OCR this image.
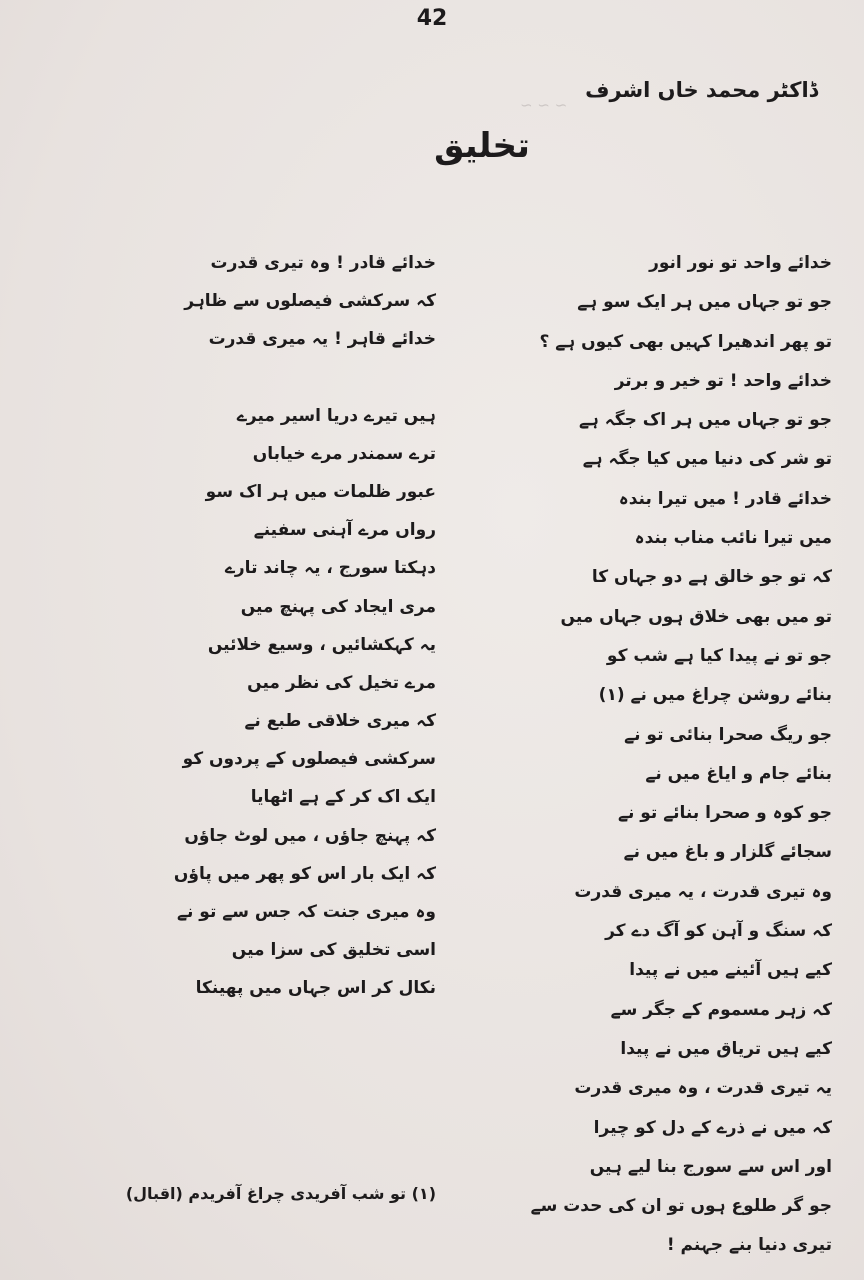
~ ~ ~
42
ڈاکٹر محمد خاں اشرف
تخلیق
خدائے واحد تو نور انور
جو تو جہاں میں ہر ایک سو ہے
تو پھر اندھیرا کہیں بھی کیوں ہے ؟
خدائے واحد ! تو خیر و برتر
جو تو جہاں میں ہر اک جگہ ہے
تو شر کی دنیا میں کیا جگہ ہے
خدائے قادر ! میں تیرا بندہ
میں تیرا نائب مناب بندہ
کہ تو جو خالق ہے دو جہاں کا
تو میں بھی خلاق ہوں جہاں میں
جو تو نے پیدا کیا ہے شب کو
بنائے روشن چراغ میں نے (۱)
جو ریگ صحرا بنائی تو نے
بنائے جام و ایاغ میں نے
جو کوہ و صحرا بنائے تو نے
سجائے گلزار و باغ میں نے
وہ تیری قدرت ، یہ میری قدرت
کہ سنگ و آہن کو آگ دے کر
کیے ہیں آئینے میں نے پیدا
کہ زہر مسموم کے جگر سے
کیے ہیں تریاق میں نے پیدا
یہ تیری قدرت ، وہ میری قدرت
کہ میں نے ذرے کے دل کو چیرا
اور اس سے سورج بنا لیے ہیں
جو گر طلوع ہوں تو ان کی حدت سے
تیری دنیا بنے جہنم !
خدائے قادر ! وہ تیری قدرت
کہ سرکشی فیصلوں سے ظاہر
خدائے قاہر ! یہ میری قدرت
ہیں تیرے دریا اسیر میرے
ترے سمندر مرے خیاباں
عبور ظلمات میں ہر اک سو
رواں مرے آہنی سفینے
دہکتا سورج ، یہ چاند تارے
مری ایجاد کی پہنچ میں
یہ کہکشائیں ، وسیع خلائیں
مرے تخیل کی نظر میں
کہ میری خلاقی طبع نے
سرکشی فیصلوں کے پردوں کو
ایک اک کر کے ہے اٹھایا
کہ پہنچ جاؤں ، میں لوٹ جاؤں
کہ ایک بار اس کو پھر میں پاؤں
وہ میری جنت کہ جس سے تو نے
اسی تخلیق کی سزا میں
نکال کر اس جہاں میں پھینکا
(۱) تو شب آفریدی چراغ آفریدم (اقبال)
